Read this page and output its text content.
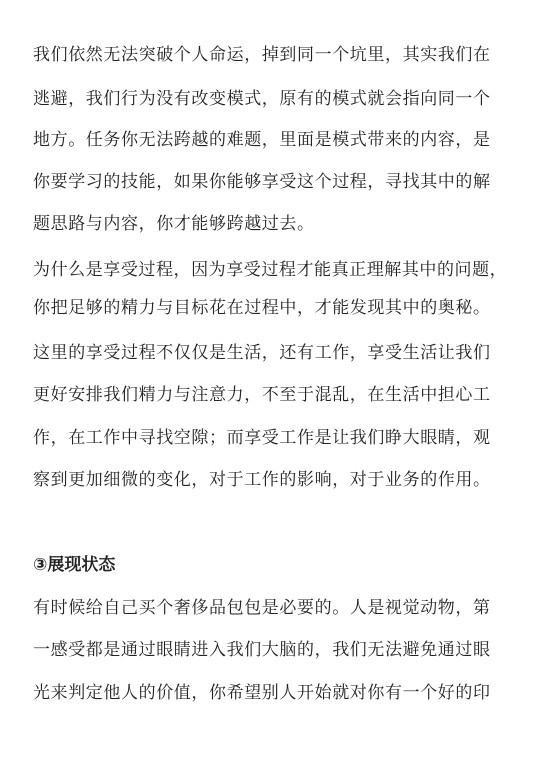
我们依然无法突破个人命运，掉到同一个坑里，其实我们在
逃避，我们行为没有改变模式，原有的模式就会指向同一个
地方。任务你无法跨越的难题，里面是模式带来的内容，是
你要学习的技能，如果你能够享受这个过程，寻找其中的解
题思路与内容，你才能够跨越过去。
为什么是享受过程，因为享受过程才能真正理解其中的问题，
你把足够的精力与目标花在过程中，才能发现其中的奥秘。
这里的享受过程不仅仅是生活，还有工作，享受生活让我们
更好安排我们精力与注意力，不至于混乱，在生活中担心工
作，在工作中寻找空隙；而享受工作是让我们睁大眼睛，观
察到更加细微的变化，对于工作的影响，对于业务的作用。
③展现状态
有时候给自己买个奢侈品包包是必要的。人是视觉动物，第
一感受都是通过眼睛进入我们大脑的，我们无法避免通过眼
光来判定他人的价值，你希望别人开始就对你有一个好的印
